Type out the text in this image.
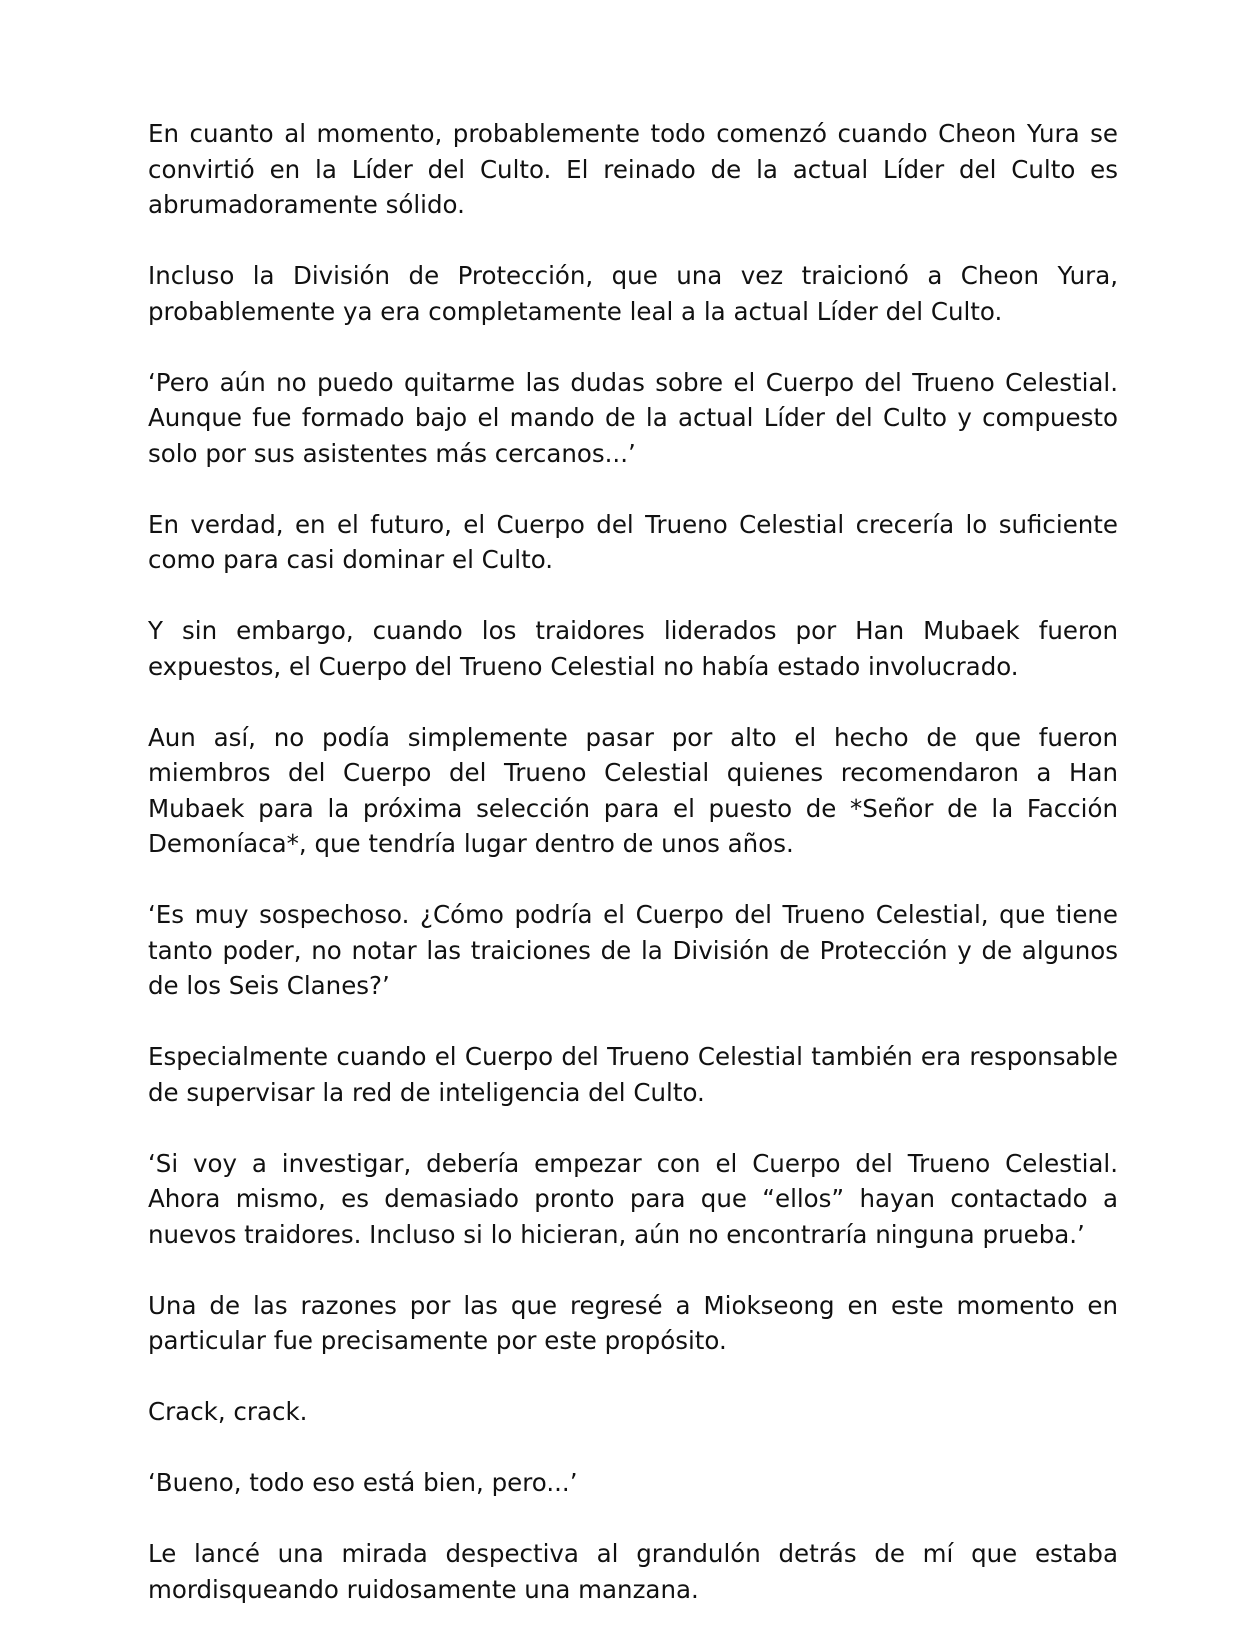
En cuanto al momento, probablemente todo comenzó cuando Cheon Yura se convirtió en la Líder del Culto. El reinado de la actual Líder del Culto es abrumadoramente sólido.

Incluso la División de Protección, que una vez traicionó a Cheon Yura, probablemente ya era completamente leal a la actual Líder del Culto.

‘Pero aún no puedo quitarme las dudas sobre el Cuerpo del Trueno Celestial. Aunque fue formado bajo el mando de la actual Líder del Culto y compuesto solo por sus asistentes más cercanos...’

En verdad, en el futuro, el Cuerpo del Trueno Celestial crecería lo suficiente como para casi dominar el Culto.

Y sin embargo, cuando los traidores liderados por Han Mubaek fueron expuestos, el Cuerpo del Trueno Celestial no había estado involucrado.

Aun así, no podía simplemente pasar por alto el hecho de que fueron miembros del Cuerpo del Trueno Celestial quienes recomendaron a Han Mubaek para la próxima selección para el puesto de *Señor de la Facción Demoníaca*, que tendría lugar dentro de unos años.

‘Es muy sospechoso. ¿Cómo podría el Cuerpo del Trueno Celestial, que tiene tanto poder, no notar las traiciones de la División de Protección y de algunos de los Seis Clanes?’

Especialmente cuando el Cuerpo del Trueno Celestial también era responsable de supervisar la red de inteligencia del Culto.

‘Si voy a investigar, debería empezar con el Cuerpo del Trueno Celestial. Ahora mismo, es demasiado pronto para que “ellos” hayan contactado a nuevos traidores. Incluso si lo hicieran, aún no encontraría ninguna prueba.’

Una de las razones por las que regresé a Miokseong en este momento en particular fue precisamente por este propósito.

Crack, crack.

‘Bueno, todo eso está bien, pero...’

Le lancé una mirada despectiva al grandulón detrás de mí que estaba mordisqueando ruidosamente una manzana.
